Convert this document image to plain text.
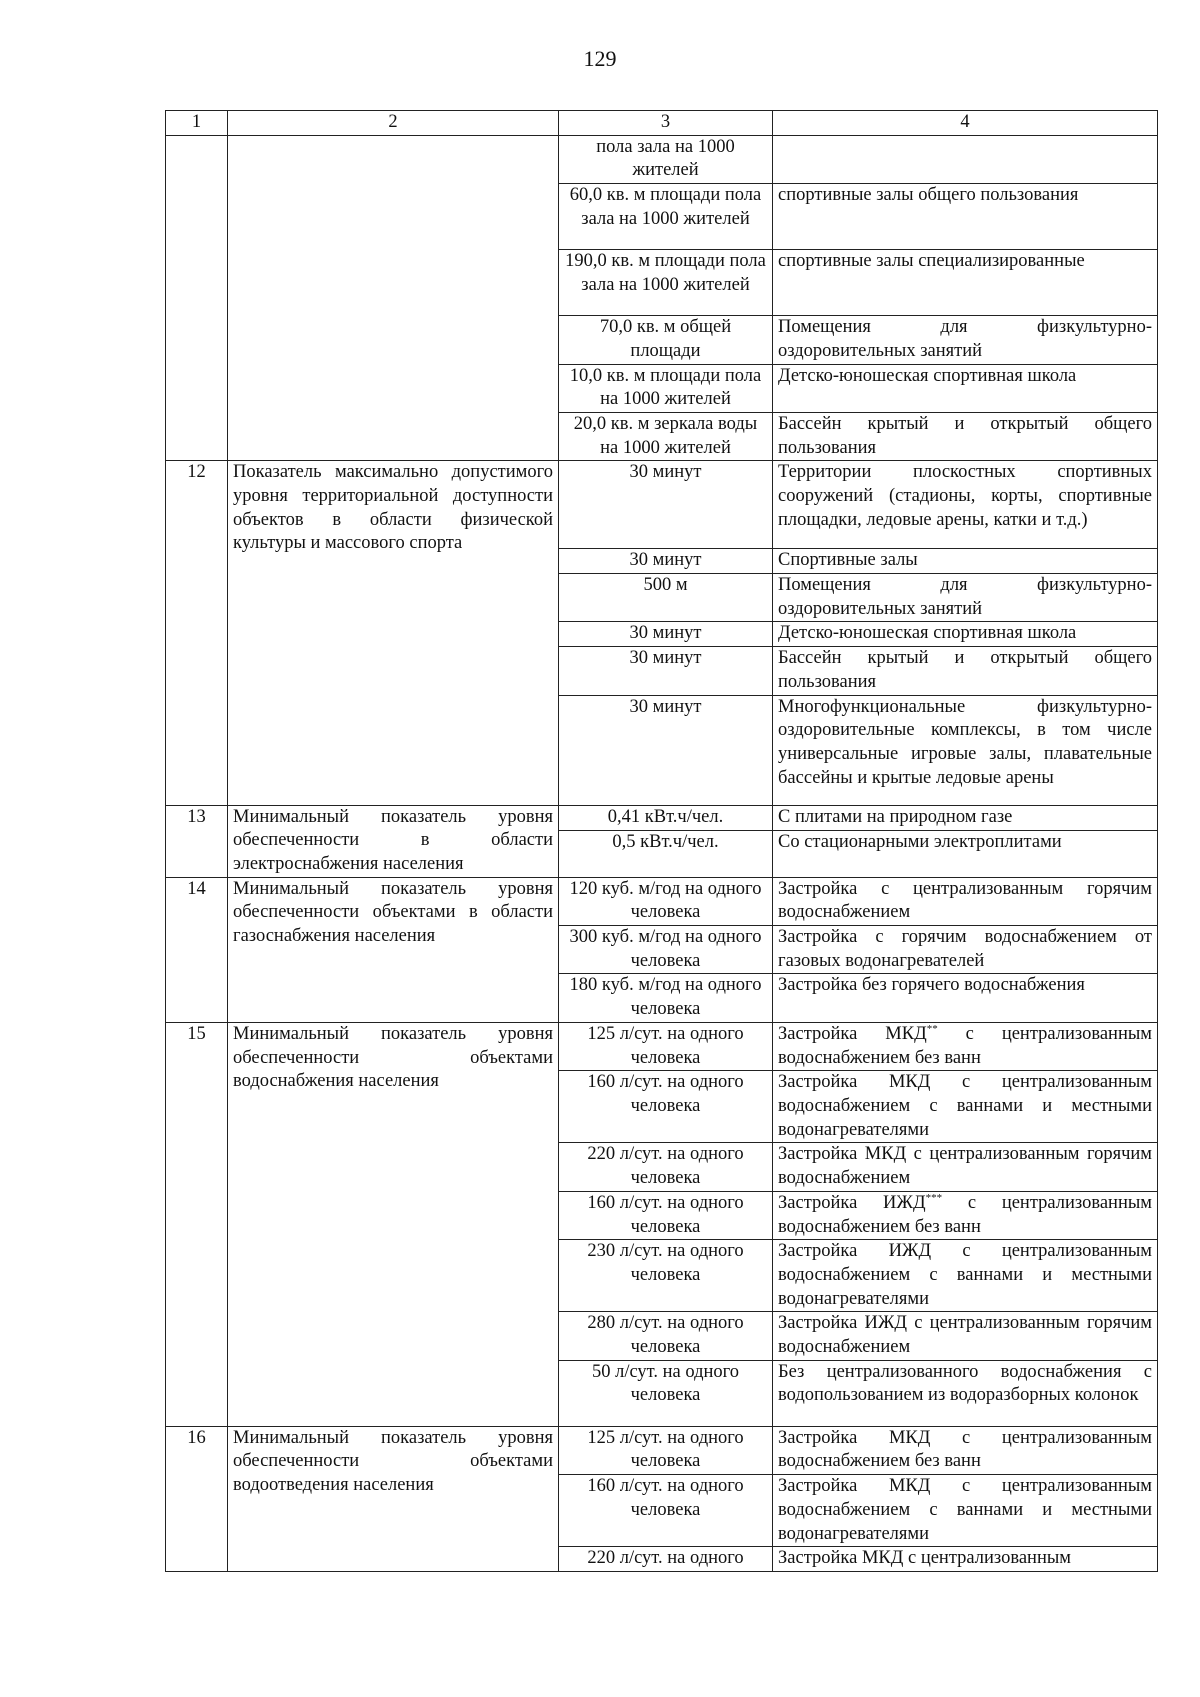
129
1	2	3	4
		пола зала на 1000 жителей	
		60,0 кв. м площади пола зала на 1000 жителей	спортивные залы общего пользования
		190,0 кв. м площади пола зала на 1000 жителей	спортивные залы специализированные
		70,0 кв. м общей площади	Помещения для физкультурно-оздоровительных занятий
		10,0 кв. м площади пола на 1000 жителей	Детско-юношеская спортивная школа
		20,0 кв. м зеркала воды на 1000 жителей	Бассейн крытый и открытый общего пользования
12	Показатель максимально допустимого уровня территориальной доступности объектов в области физической культуры и массового спорта	30 минут	Территории плоскостных спортивных сооружений (стадионы, корты, спортивные площадки, ледовые арены, катки и т.д.)
		30 минут	Спортивные залы
		500 м	Помещения для физкультурно-оздоровительных занятий
		30 минут	Детско-юношеская спортивная школа
		30 минут	Бассейн крытый и открытый общего пользования
		30 минут	Многофункциональные физкультурно-оздоровительные комплексы, в том числе универсальные игровые залы, плавательные бассейны и крытые ледовые арены
13	Минимальный показатель уровня обеспеченности в области электроснабжения населения	0,41 кВт.ч/чел.	С плитами на природном газе
		0,5 кВт.ч/чел.	Со стационарными электроплитами
14	Минимальный показатель уровня обеспеченности объектами в области газоснабжения населения	120 куб. м/год на одного человека	Застройка с централизованным горячим водоснабжением
		300 куб. м/год на одного человека	Застройка с горячим водоснабжением от газовых водонагревателей
		180 куб. м/год на одного человека	Застройка без горячего водоснабжения
15	Минимальный показатель уровня обеспеченности объектами водоснабжения населения	125 л/сут. на одного человека	Застройка МКД** с централизованным водоснабжением без ванн
		160 л/сут. на одного человека	Застройка МКД с централизованным водоснабжением с ваннами и местными водонагревателями
		220 л/сут. на одного человека	Застройка МКД с централизованным горячим водоснабжением
		160 л/сут. на одного человека	Застройка ИЖД*** с централизованным водоснабжением без ванн
		230 л/сут. на одного человека	Застройка ИЖД с централизованным водоснабжением с ваннами и местными водонагревателями
		280 л/сут. на одного человека	Застройка ИЖД с централизованным горячим водоснабжением
		50 л/сут. на одного человека	Без централизованного водоснабжения с водопользованием из водоразборных колонок
16	Минимальный показатель уровня обеспеченности объектами водоотведения населения	125 л/сут. на одного человека	Застройка МКД с централизованным водоснабжением без ванн
		160 л/сут. на одного человека	Застройка МКД с централизованным водоснабжением с ваннами и местными водонагревателями
		220 л/сут. на одного	Застройка МКД с централизованным
